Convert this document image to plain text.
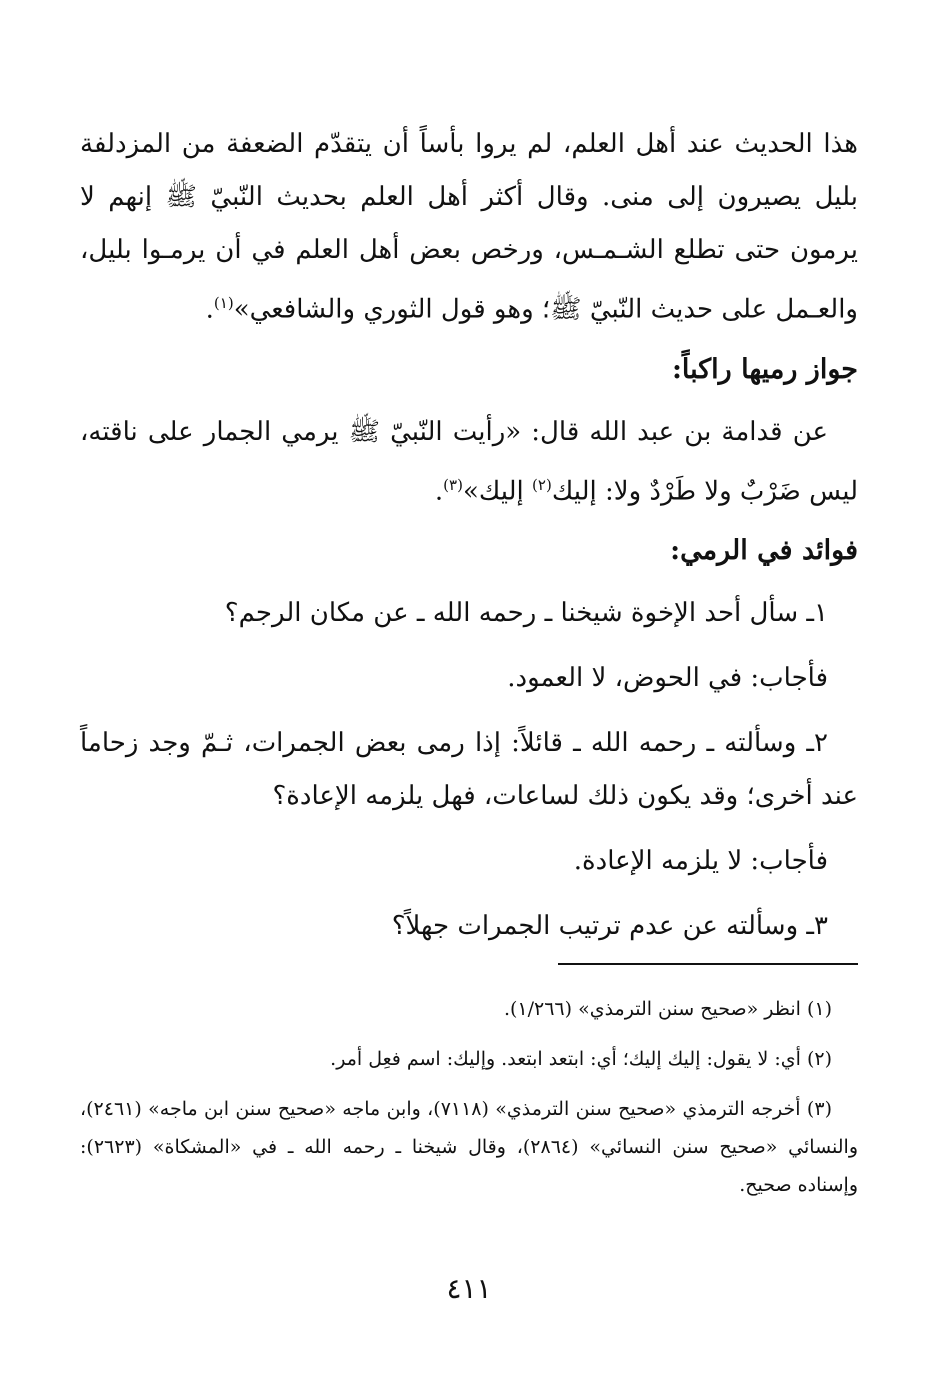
هذا الحديث عند أهل العلم، لم يروا بأساً أن يتقدّم الضعفة من المزدلفة بليل يصيرون إلى منى. وقال أكثر أهل العلم بحديث النّبيّ ﷺ إنهم لا يرمون حتى تطلع الشـمـس، ورخص بعض أهل العلم في أن يرمـوا بليل، والعـمل على حديث النّبيّ ﷺ؛ وهو قول الثوري والشافعي»$^{(١)}$.

جواز رميها راكباً:

عن قدامة بن عبد الله قال: «رأيت النّبيّ ﷺ يرمي الجمار على ناقته، ليس ضَرْبٌ ولا طَرْدٌ ولا: إليك$^{(٢)}$ إليك»$^{(٣)}$.

فوائد في الرمي:

١ـ سأل أحد الإخوة شيخنا ـ رحمه الله ـ عن مكان الرجم؟

فأجاب: في الحوض، لا العمود.

٢ـ وسألته ـ رحمه الله ـ قائلاً: إذا رمى بعض الجمرات، ثـمّ وجد زحاماً عند أخرى؛ وقد يكون ذلك لساعات، فهل يلزمه الإعادة؟

فأجاب: لا يلزمه الإعادة.

٣ـ وسألته عن عدم ترتيب الجمرات جهلاً؟

(١) انظر «صحيح سنن الترمذي» (١/٢٦٦).

(٢) أي: لا يقول: إليك إليك؛ أي: ابتعد ابتعد. وإليك: اسم فعِل أمر.

(٣) أخرجه الترمذي «صحيح سنن الترمذي» (٧١١٨)، وابن ماجه «صحيح سنن ابن ماجه» (٢٤٦١)، والنسائي «صحيح سنن النسائي» (٢٨٦٤)، وقال شيخنا ـ رحمه الله ـ في «المشكاة» (٢٦٢٣): وإسناده صحيح.

٤١١
